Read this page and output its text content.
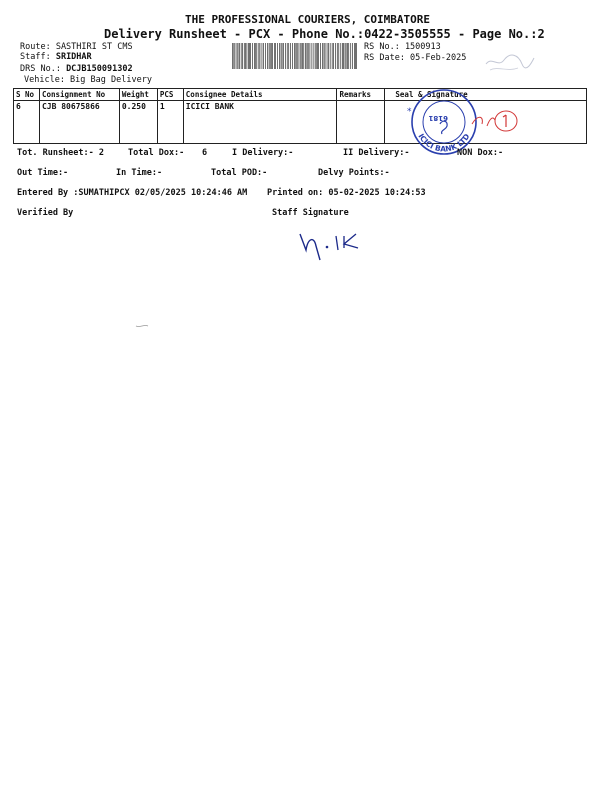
THE PROFESSIONAL COURIERS, COIMBATORE
Delivery Runsheet - PCX - Phone No.:0422-3505555 - Page No.:2
Route: SASTHIRI ST CMS
Staff: SRIDHAR
DRS No.: DCJB150091302
Vehicle: Big Bag Delivery
RS No.: 1500913
RS Date: 05-Feb-2025
S No	Consignment No	Weight	PCS	Consignee Details	Remarks	Seal & Signature
6	CJB 80675866	0.250	1	ICICI BANK		
ICICI BANK LTD
6181
*
Tot. Runsheet:- 2	Total Dox:- 6	I Delivery:-	II Delivery:-	NON Dox:-
Out Time:-	In Time:-	Total POD:-	Delvy Points:-
Entered By :SUMATHIPCX 02/05/2025 10:24:46 AM Printed on: 05-02-2025 10:24:53
Verified By	Staff Signature
